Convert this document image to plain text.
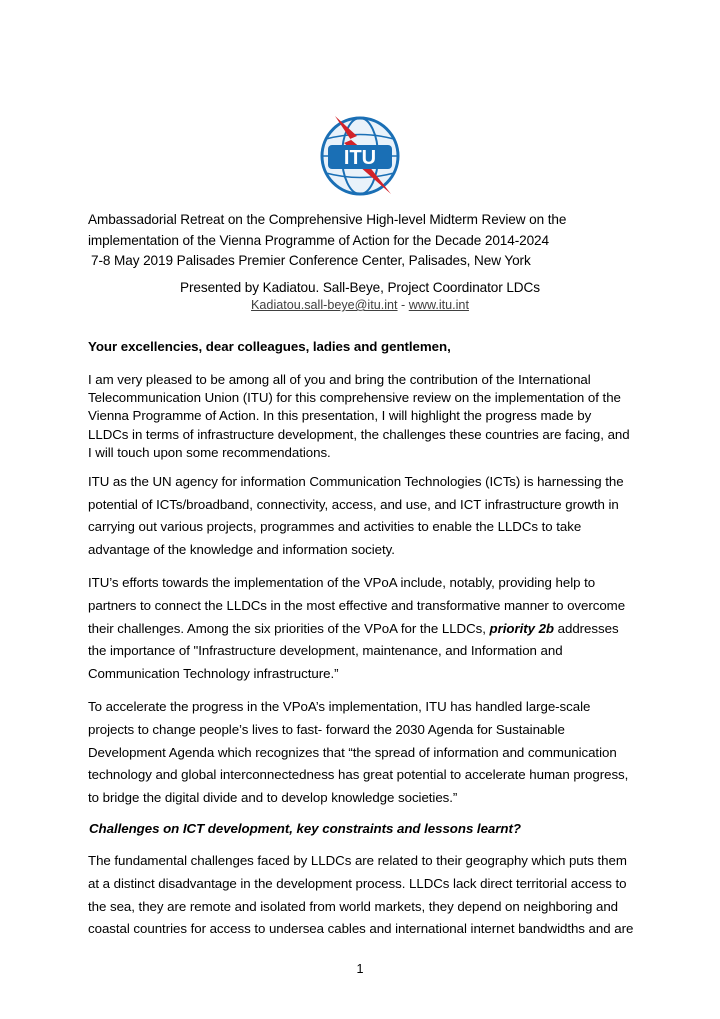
ITU
Ambassadorial Retreat on the Comprehensive High-level Midterm Review on the
implementation of the Vienna Programme of Action for the Decade 2014-2024
7-8 May 2019 Palisades Premier Conference Center, Palisades, New York
Presented by Kadiatou. Sall-Beye, Project Coordinator LDCs
Kadiatou.sall-beye@itu.int - www.itu.int

Your excellencies, dear colleagues, ladies and gentlemen,

I am very pleased to be among all of you and bring the contribution of the International Telecommunication Union (ITU) for this comprehensive review on the implementation of the Vienna Programme of Action. In this presentation, I will highlight the progress made by LLDCs in terms of infrastructure development, the challenges these countries are facing, and I will touch upon some recommendations.

ITU as the UN agency for information Communication Technologies (ICTs) is harnessing the potential of ICTs/broadband, connectivity, access, and use, and ICT infrastructure growth in carrying out various projects, programmes and activities to enable the LLDCs to take advantage of the knowledge and information society.

ITU’s efforts towards the implementation of the VPoA include, notably, providing help to partners to connect the LLDCs in the most effective and transformative manner to overcome their challenges. Among the six priorities of the VPoA for the LLDCs, priority 2b addresses the importance of "Infrastructure development, maintenance, and Information and Communication Technology infrastructure.”

To accelerate the progress in the VPoA’s implementation, ITU has handled large-scale projects to change people’s lives to fast- forward the 2030 Agenda for Sustainable Development Agenda which recognizes that “the spread of information and communication technology and global interconnectedness has great potential to accelerate human progress, to bridge the digital divide and to develop knowledge societies.”

Challenges on ICT development, key constraints and lessons learnt?

The fundamental challenges faced by LLDCs are related to their geography which puts them at a distinct disadvantage in the development process. LLDCs lack direct territorial access to the sea, they are remote and isolated from world markets, they depend on neighboring and coastal countries for access to undersea cables and international internet bandwidths and are

1
